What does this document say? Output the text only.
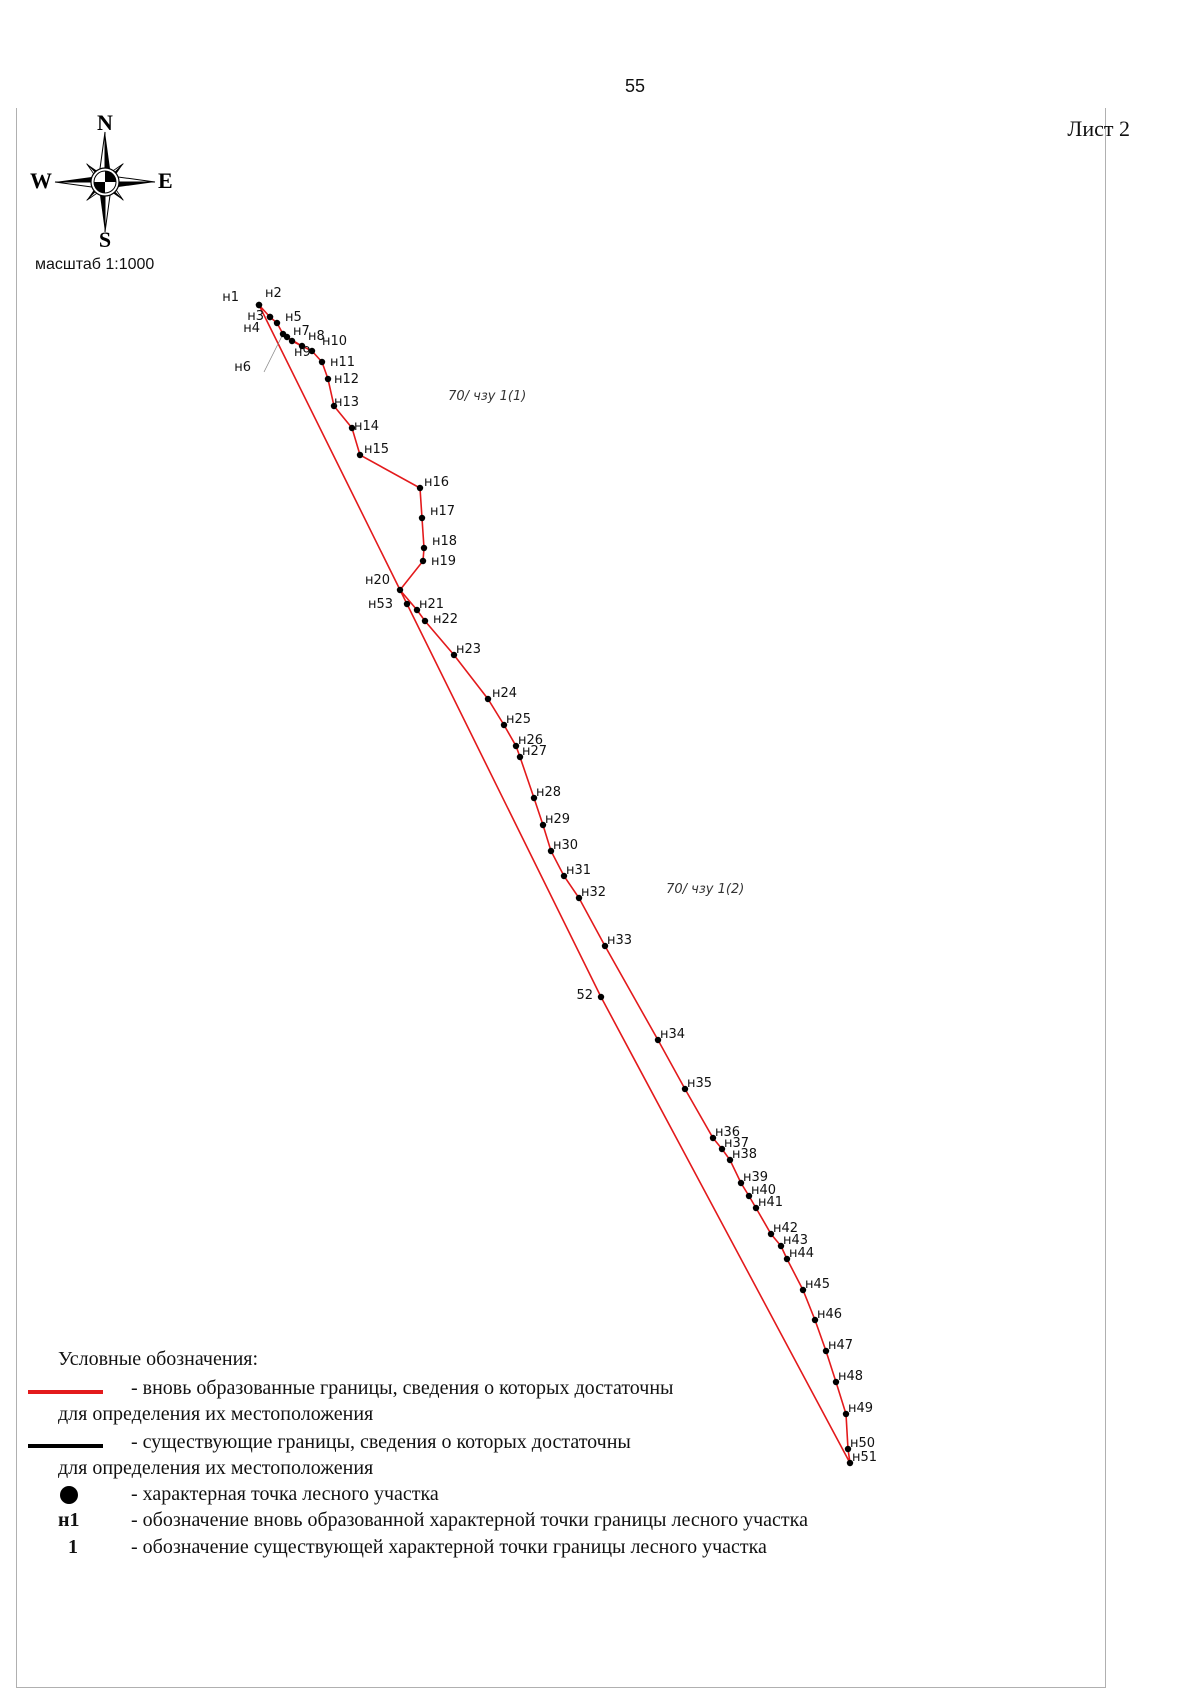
55
Лист 2
N
S
E
W
масштаб 1:1000
70/ чзу 1(1)
70/ чзу 1(2)
н1 н2
н3
н4
н5
н6
н7
н8
н9
н10
н11
н12
н13
н14
н15
н16
н17
н18
н19
н20
н21
н22
н23
н24
н25
н26
н27
н28
н29
н30
н31
н32
н33
н34
н35
н36
н37
н38
н39
н40
н41
н42
н43
н44
н45
н46
н47
н48
н49
н50
н51
52
н53
Условные обозначения:
- вновь образованные границы, сведения о которых достаточны
для определения их местоположения
- существующие границы, сведения о которых достаточны
для определения их местоположения
- характерная точка лесного участка
н1	- обозначение вновь образованной характерной точки границы лесного участка
1	- обозначение существующей характерной точки границы лесного участка
